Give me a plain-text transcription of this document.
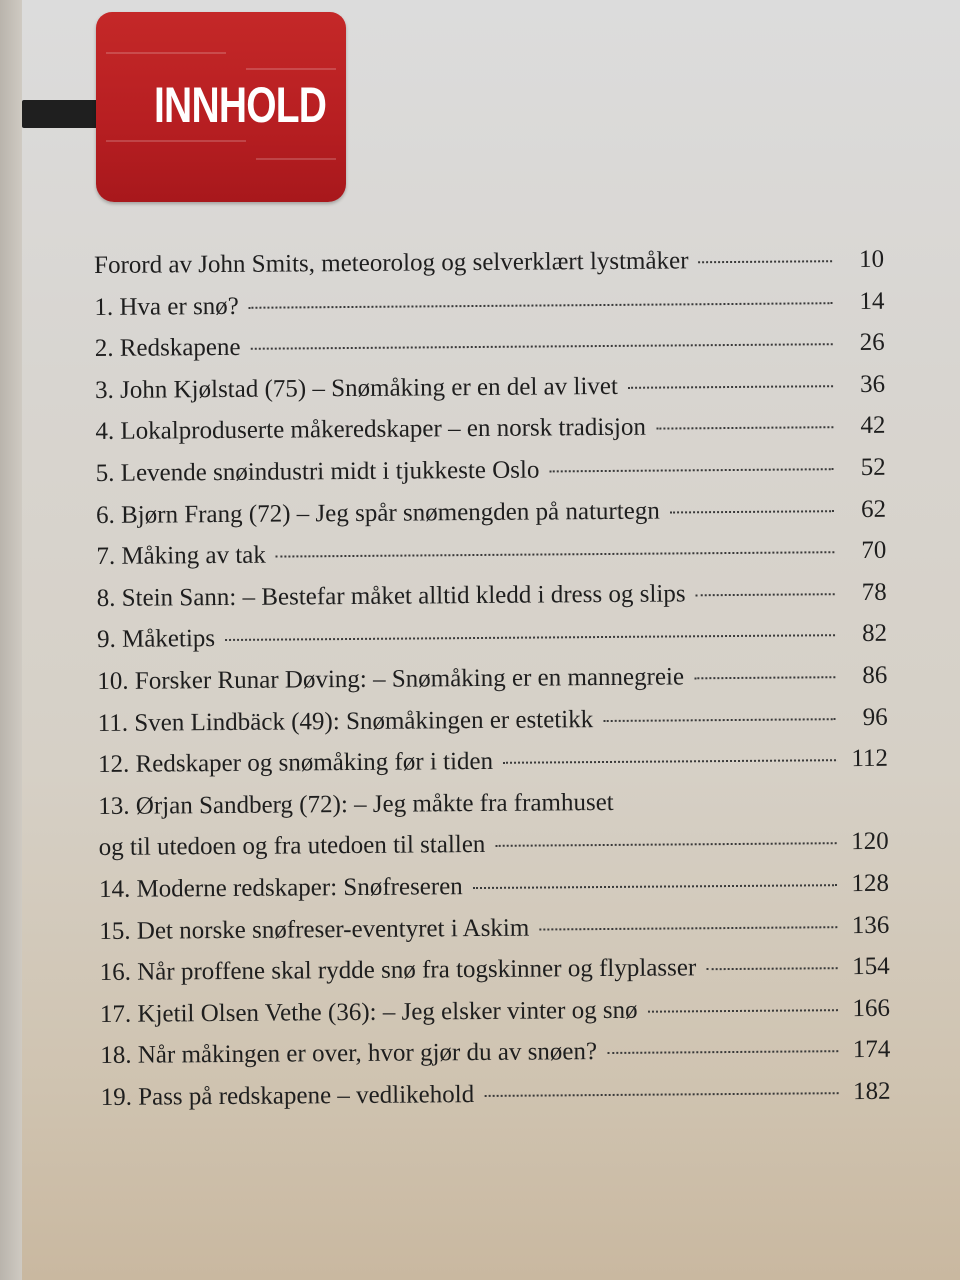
INNHOLD
Forord av John Smits, meteorolog og selverklært lystmåker	10
1. Hva er snø?	14
2. Redskapene	26
3. John Kjølstad (75) – Snømåking er en del av livet	36
4. Lokalproduserte måkeredskaper – en norsk tradisjon	42
5. Levende snøindustri midt i tjukkeste Oslo	52
6. Bjørn Frang (72) – Jeg spår snømengden på naturtegn	62
7. Måking av tak	70
8. Stein Sann: – Bestefar måket alltid kledd i dress og slips	78
9. Måketips	82
10. Forsker Runar Døving: – Snømåking er en mannegreie	86
11. Sven Lindbäck (49): Snømåkingen er estetikk	96
12. Redskaper og snømåking før i tiden	112
13. Ørjan Sandberg (72): – Jeg måkte fra framhuset
og til utedoen og fra utedoen til stallen	120
14. Moderne redskaper: Snøfreseren	128
15. Det norske snøfreser-eventyret i Askim	136
16. Når proffene skal rydde snø fra togskinner og flyplasser	154
17. Kjetil Olsen Vethe (36): – Jeg elsker vinter og snø	166
18. Når måkingen er over, hvor gjør du av snøen?	174
19. Pass på redskapene – vedlikehold	182
